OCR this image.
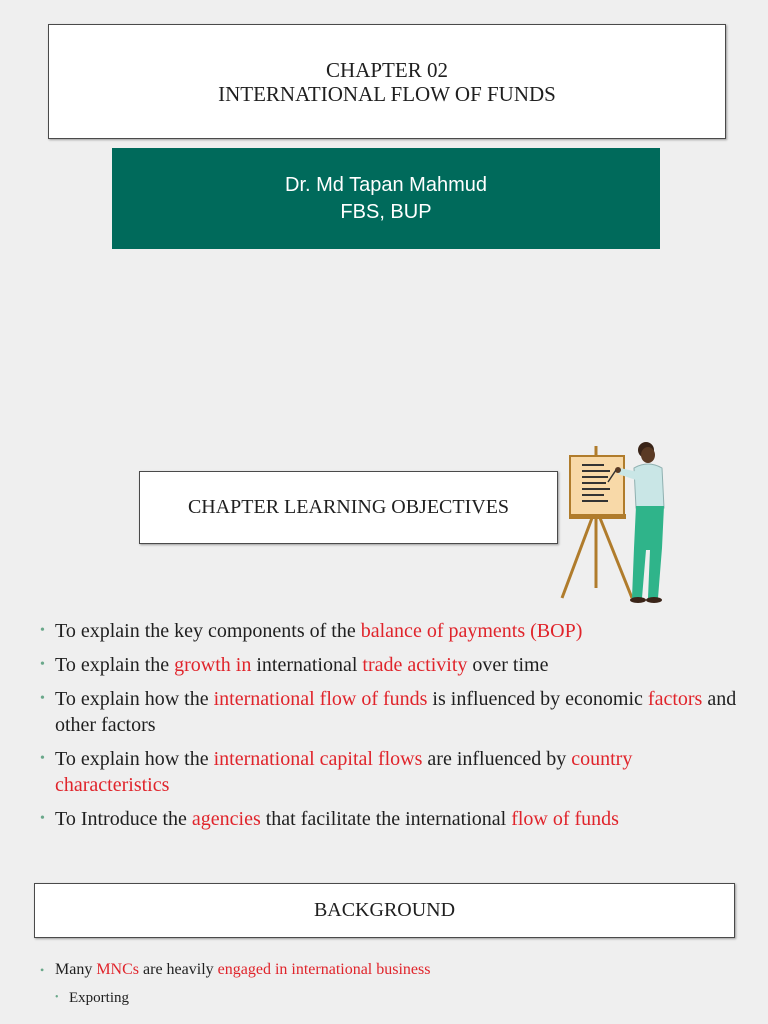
CHAPTER 02
INTERNATIONAL FLOW OF FUNDS
Dr. Md Tapan Mahmud
FBS, BUP
CHAPTER LEARNING OBJECTIVES
• To explain the key components of the balance of payments (BOP)
• To explain the growth in international trade activity over time
• To explain how the international flow of funds is influenced by economic factors and other factors
• To explain how the international capital flows are influenced by country characteristics
• To Introduce the agencies that facilitate the international flow of funds
BACKGROUND
• Many MNCs are heavily engaged in international business
• Exporting
